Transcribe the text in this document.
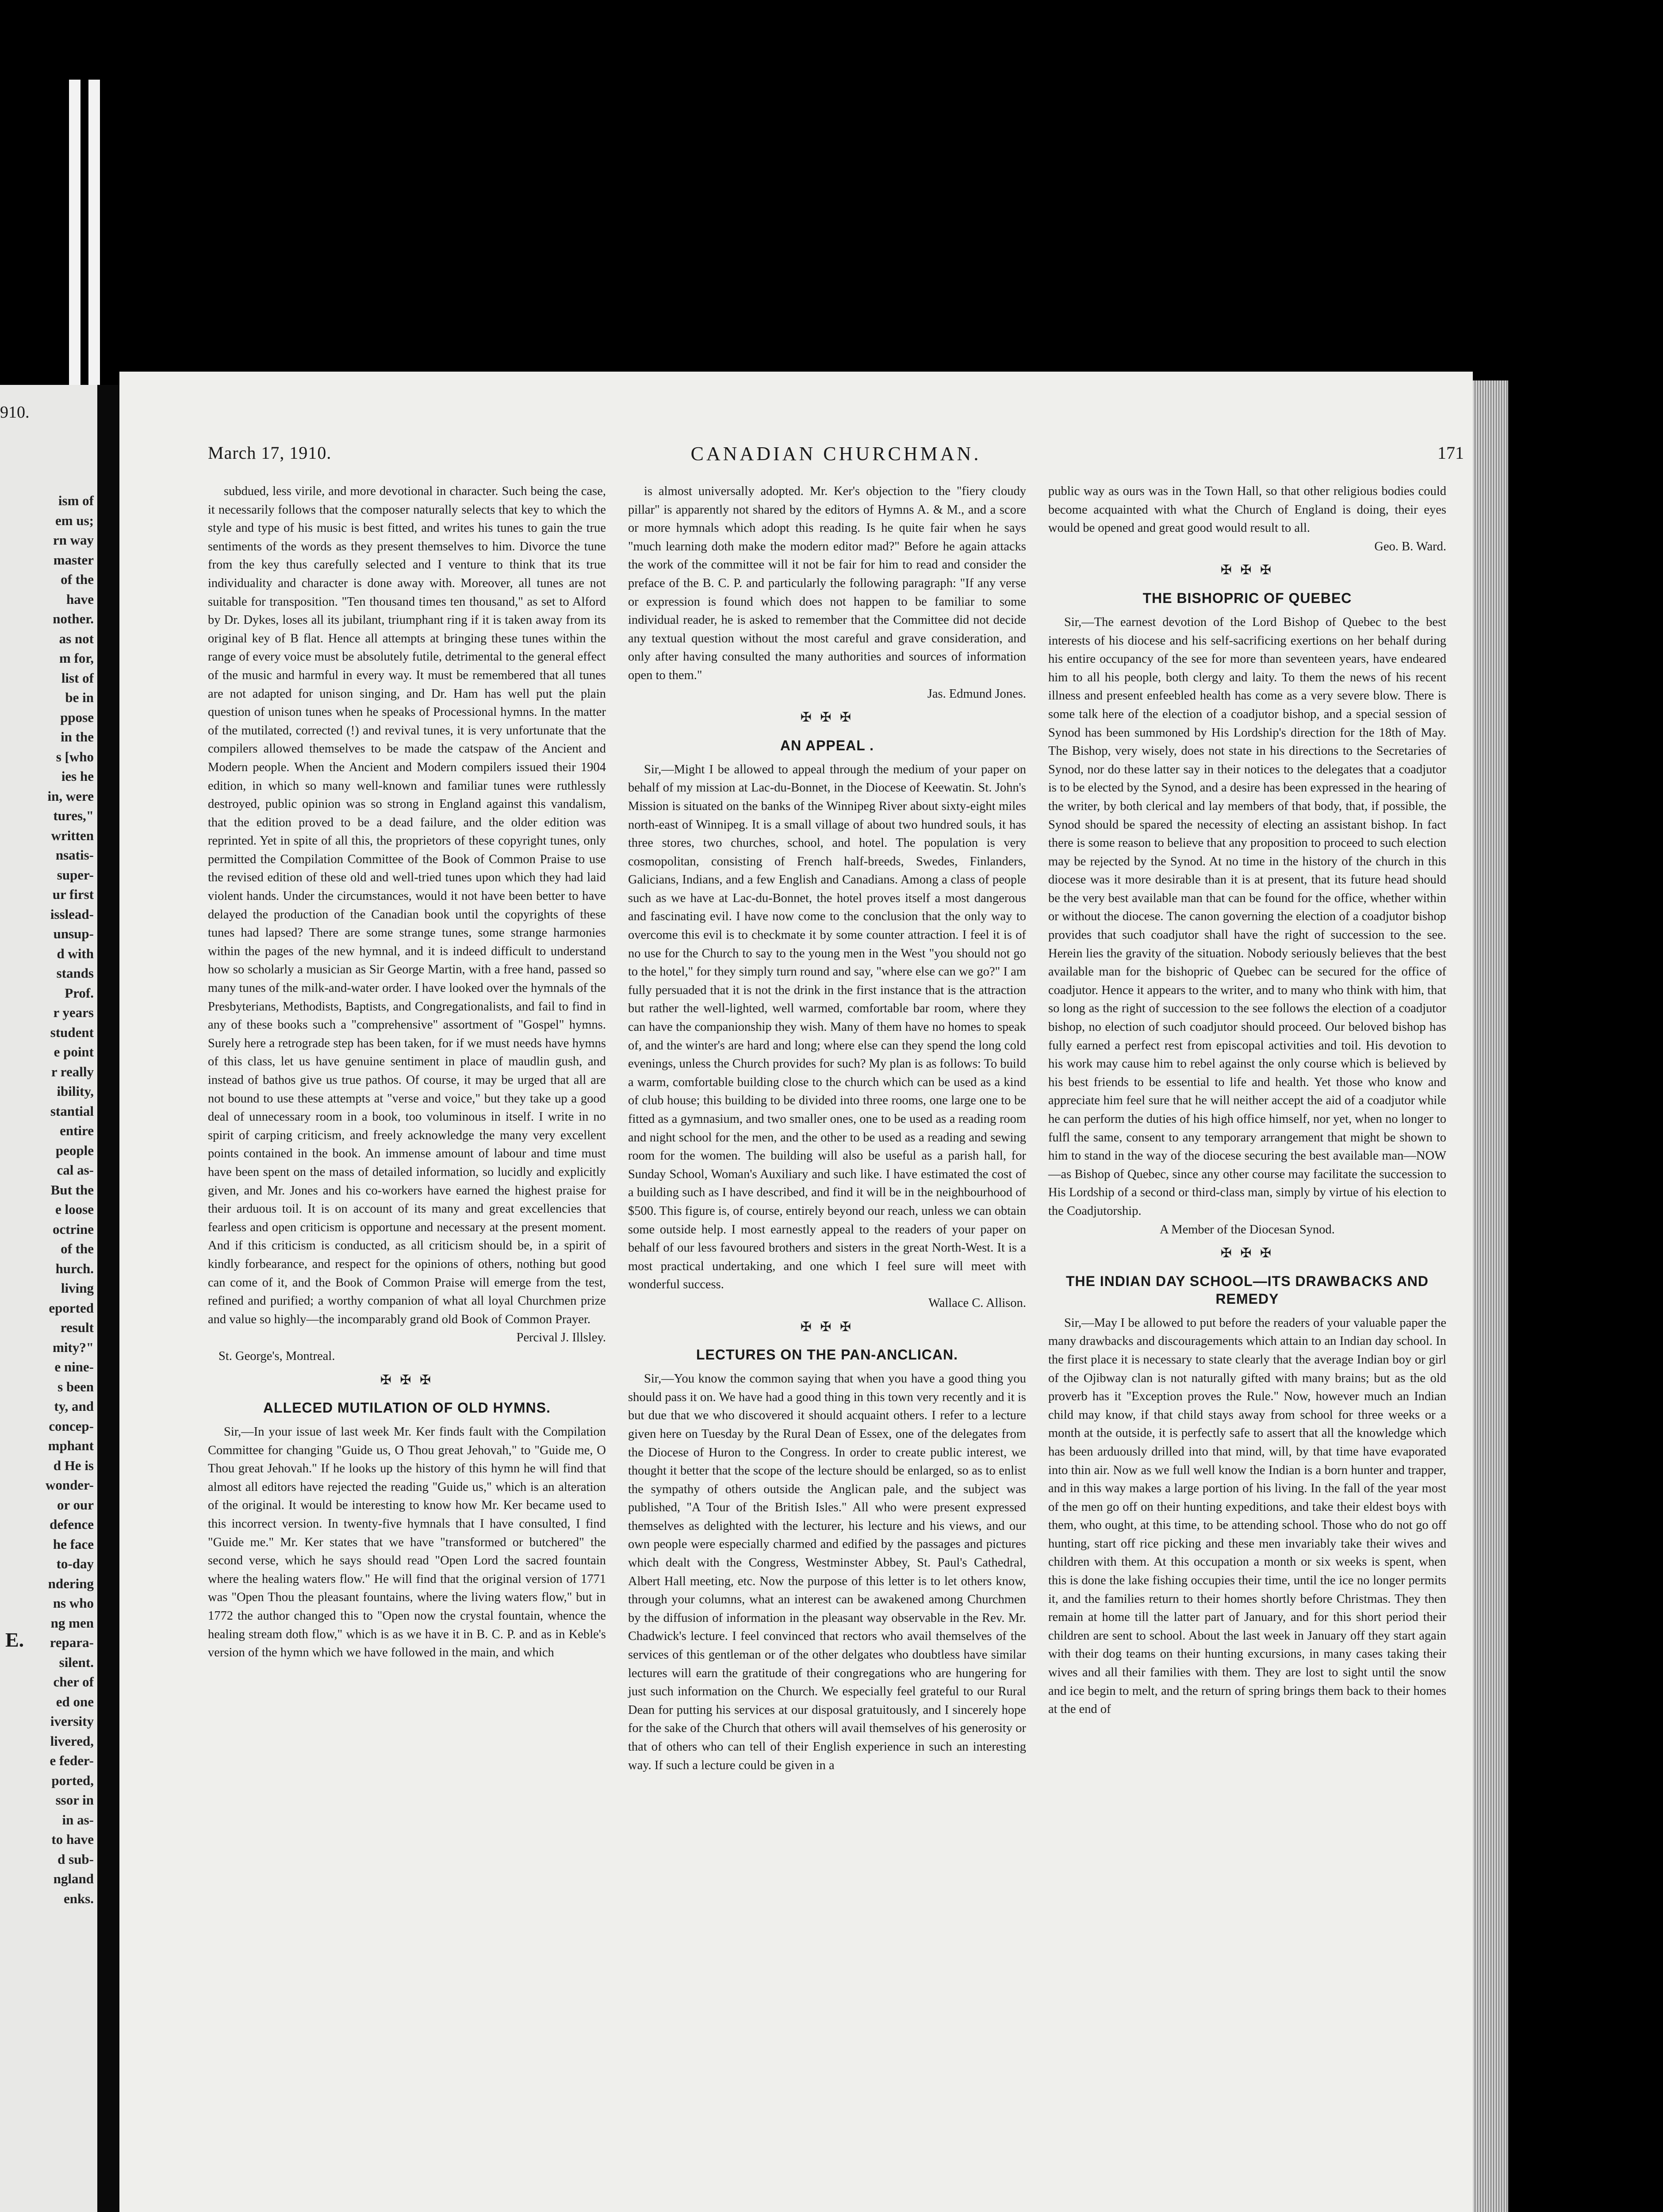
910.
ism of
em us;
rn way
master
of the
have
nother.
as not
m for,
list of
be in
ppose
in the
s [who
ies he
in, were
tures,"
written
nsatis-
super-
ur first
isslead-
unsup-
d with
stands
Prof.
r years
student
e point
r really
ibility,
stantial
entire
people
cal as-
But the
e loose
octrine
of the
hurch.
living
eported
result
mity?"
e nine-
s been
ty, and
concep-
mphant
d He is
wonder-
or our
defence
he face
to-day
ndering
ns who
ng men
repara-
silent.
cher of
ed one
iversity
livered,
e feder-
ported,
ssor in
in as-
to have
d sub-
ngland
enks.
E.
March 17, 1910.	CANADIAN CHURCHMAN.	171

subdued, less virile, and more devotional in character. Such being the case, it necessarily follows that the composer naturally selects that key to which the style and type of his music is best fitted, and writes his tunes to gain the true sentiments of the words as they present themselves to him. Divorce the tune from the key thus carefully selected and I venture to think that its true individuality and character is done away with. Moreover, all tunes are not suitable for transposition. "Ten thousand times ten thousand," as set to Alford by Dr. Dykes, loses all its jubilant, triumphant ring if it is taken away from its original key of B flat. Hence all attempts at bringing these tunes within the range of every voice must be absolutely futile, detrimental to the general effect of the music and harmful in every way. It must be remembered that all tunes are not adapted for unison singing, and Dr. Ham has well put the plain question of unison tunes when he speaks of Processional hymns. In the matter of the mutilated, corrected (!) and revival tunes, it is very unfortunate that the compilers allowed themselves to be made the catspaw of the Ancient and Modern people. When the Ancient and Modern compilers issued their 1904 edition, in which so many well-known and familiar tunes were ruthlessly destroyed, public opinion was so strong in England against this vandalism, that the edition proved to be a dead failure, and the older edition was reprinted. Yet in spite of all this, the proprietors of these copyright tunes, only permitted the Compilation Committee of the Book of Common Praise to use the revised edition of these old and well-tried tunes upon which they had laid violent hands. Under the circumstances, would it not have been better to have delayed the production of the Canadian book until the copyrights of these tunes had lapsed? There are some strange tunes, some strange harmonies within the pages of the new hymnal, and it is indeed difficult to understand how so scholarly a musician as Sir George Martin, with a free hand, passed so many tunes of the milk-and-water order. I have looked over the hymnals of the Presbyterians, Methodists, Baptists, and Congregationalists, and fail to find in any of these books such a "comprehensive" assortment of "Gospel" hymns. Surely here a retrograde step has been taken, for if we must needs have hymns of this class, let us have genuine sentiment in place of maudlin gush, and instead of bathos give us true pathos. Of course, it may be urged that all are not bound to use these attempts at "verse and voice," but they take up a good deal of unnecessary room in a book, too voluminous in itself. I write in no spirit of carping criticism, and freely acknowledge the many very excellent points contained in the book. An immense amount of labour and time must have been spent on the mass of detailed information, so lucidly and explicitly given, and Mr. Jones and his co-workers have earned the highest praise for their arduous toil. It is on account of its many and great excellencies that fearless and open criticism is opportune and necessary at the present moment. And if this criticism is conducted, as all criticism should be, in a spirit of kindly forbearance, and respect for the opinions of others, nothing but good can come of it, and the Book of Common Praise will emerge from the test, refined and purified; a worthy companion of what all loyal Churchmen prize and value so highly—the incomparably grand old Book of Common Prayer.

Percival J. Illsley.

St. George's, Montreal.

✠ ✠ ✠
ALLECED MUTILATION OF OLD HYMNS.

Sir,—In your issue of last week Mr. Ker finds fault with the Compilation Committee for changing "Guide us, O Thou great Jehovah," to "Guide me, O Thou great Jehovah." If he looks up the history of this hymn he will find that almost all editors have rejected the reading "Guide us," which is an alteration of the original. It would be interesting to know how Mr. Ker became used to this incorrect version. In twenty-five hymnals that I have consulted, I find "Guide me." Mr. Ker states that we have "transformed or butchered" the second verse, which he says should read "Open Lord the sacred fountain where the healing waters flow." He will find that the original version of 1771 was "Open Thou the pleasant fountains, where the living waters flow," but in 1772 the author changed this to "Open now the crystal fountain, whence the healing stream doth flow," which is as we have it in B. C. P. and as in Keble's version of the hymn which we have followed in the main, and which

is almost universally adopted. Mr. Ker's objection to the "fiery cloudy pillar" is apparently not shared by the editors of Hymns A. & M., and a score or more hymnals which adopt this reading. Is he quite fair when he says "much learning doth make the modern editor mad?" Before he again attacks the work of the committee will it not be fair for him to read and consider the preface of the B. C. P. and particularly the following paragraph: "If any verse or expression is found which does not happen to be familiar to some individual reader, he is asked to remember that the Committee did not decide any textual question without the most careful and grave consideration, and only after having consulted the many authorities and sources of information open to them."

Jas. Edmund Jones.

✠ ✠ ✠
AN APPEAL .

Sir,—Might I be allowed to appeal through the medium of your paper on behalf of my mission at Lac-du-Bonnet, in the Diocese of Keewatin. St. John's Mission is situated on the banks of the Winnipeg River about sixty-eight miles north-east of Winnipeg. It is a small village of about two hundred souls, it has three stores, two churches, school, and hotel. The population is very cosmopolitan, consisting of French half-breeds, Swedes, Finlanders, Galicians, Indians, and a few English and Canadians. Among a class of people such as we have at Lac-du-Bonnet, the hotel proves itself a most dangerous and fascinating evil. I have now come to the conclusion that the only way to overcome this evil is to checkmate it by some counter attraction. I feel it is of no use for the Church to say to the young men in the West "you should not go to the hotel," for they simply turn round and say, "where else can we go?" I am fully persuaded that it is not the drink in the first instance that is the attraction but rather the well-lighted, well warmed, comfortable bar room, where they can have the companionship they wish. Many of them have no homes to speak of, and the winter's are hard and long; where else can they spend the long cold evenings, unless the Church provides for such? My plan is as follows: To build a warm, comfortable building close to the church which can be used as a kind of club house; this building to be divided into three rooms, one large one to be fitted as a gymnasium, and two smaller ones, one to be used as a reading room and night school for the men, and the other to be used as a reading and sewing room for the women. The building will also be useful as a parish hall, for Sunday School, Woman's Auxiliary and such like. I have estimated the cost of a building such as I have described, and find it will be in the neighbourhood of $500. This figure is, of course, entirely beyond our reach, unless we can obtain some outside help. I most earnestly appeal to the readers of your paper on behalf of our less favoured brothers and sisters in the great North-West. It is a most practical undertaking, and one which I feel sure will meet with wonderful success.

Wallace C. Allison.

✠ ✠ ✠
LECTURES ON THE PAN-ANCLICAN.

Sir,—You know the common saying that when you have a good thing you should pass it on. We have had a good thing in this town very recently and it is but due that we who discovered it should acquaint others. I refer to a lecture given here on Tuesday by the Rural Dean of Essex, one of the delegates from the Diocese of Huron to the Congress. In order to create public interest, we thought it better that the scope of the lecture should be enlarged, so as to enlist the sympathy of others outside the Anglican pale, and the subject was published, "A Tour of the British Isles." All who were present expressed themselves as delighted with the lecturer, his lecture and his views, and our own people were especially charmed and edified by the passages and pictures which dealt with the Congress, Westminster Abbey, St. Paul's Cathedral, Albert Hall meeting, etc. Now the purpose of this letter is to let others know, through your columns, what an interest can be awakened among Churchmen by the diffusion of information in the pleasant way observable in the Rev. Mr. Chadwick's lecture. I feel convinced that rectors who avail themselves of the services of this gentleman or of the other delgates who doubtless have similar lectures will earn the gratitude of their congregations who are hungering for just such information on the Church. We especially feel grateful to our Rural Dean for putting his services at our disposal gratuitously, and I sincerely hope for the sake of the Church that others will avail themselves of his generosity or that of others who can tell of their English experience in such an interesting way. If such a lecture could be given in a

public way as ours was in the Town Hall, so that other religious bodies could become acquainted with what the Church of England is doing, their eyes would be opened and great good would result to all.

Geo. B. Ward.

✠ ✠ ✠
THE BISHOPRIC OF QUEBEC

Sir,—The earnest devotion of the Lord Bishop of Quebec to the best interests of his diocese and his self-sacrificing exertions on her behalf during his entire occupancy of the see for more than seventeen years, have endeared him to all his people, both clergy and laity. To them the news of his recent illness and present enfeebled health has come as a very severe blow. There is some talk here of the election of a coadjutor bishop, and a special session of Synod has been summoned by His Lordship's direction for the 18th of May. The Bishop, very wisely, does not state in his directions to the Secretaries of Synod, nor do these latter say in their notices to the delegates that a coadjutor is to be elected by the Synod, and a desire has been expressed in the hearing of the writer, by both clerical and lay members of that body, that, if possible, the Synod should be spared the necessity of electing an assistant bishop. In fact there is some reason to believe that any proposition to proceed to such election may be rejected by the Synod. At no time in the history of the church in this diocese was it more desirable than it is at present, that its future head should be the very best available man that can be found for the office, whether within or without the diocese. The canon governing the election of a coadjutor bishop provides that such coadjutor shall have the right of succession to the see. Herein lies the gravity of the situation. Nobody seriously believes that the best available man for the bishopric of Quebec can be secured for the office of coadjutor. Hence it appears to the writer, and to many who think with him, that so long as the right of succession to the see follows the election of a coadjutor bishop, no election of such coadjutor should proceed. Our beloved bishop has fully earned a perfect rest from episcopal activities and toil. His devotion to his work may cause him to rebel against the only course which is believed by his best friends to be essential to life and health. Yet those who know and appreciate him feel sure that he will neither accept the aid of a coadjutor while he can perform the duties of his high office himself, nor yet, when no longer to fulfl the same, consent to any temporary arrangement that might be shown to him to stand in the way of the diocese securing the best available man—NOW—as Bishop of Quebec, since any other course may facilitate the succession to His Lordship of a second or third-class man, simply by virtue of his election to the Coadjutorship.

A Member of the Diocesan Synod.

✠ ✠ ✠
THE INDIAN DAY SCHOOL—ITS DRAWBACKS AND REMEDY

Sir,—May I be allowed to put before the readers of your valuable paper the many drawbacks and discouragements which attain to an Indian day school. In the first place it is necessary to state clearly that the average Indian boy or girl of the Ojibway clan is not naturally gifted with many brains; but as the old proverb has it "Exception proves the Rule." Now, however much an Indian child may know, if that child stays away from school for three weeks or a month at the outside, it is perfectly safe to assert that all the knowledge which has been arduously drilled into that mind, will, by that time have evaporated into thin air. Now as we full well know the Indian is a born hunter and trapper, and in this way makes a large portion of his living. In the fall of the year most of the men go off on their hunting expeditions, and take their eldest boys with them, who ought, at this time, to be attending school. Those who do not go off hunting, start off rice picking and these men invariably take their wives and children with them. At this occupation a month or six weeks is spent, when this is done the lake fishing occupies their time, until the ice no longer permits it, and the families return to their homes shortly before Christmas. They then remain at home till the latter part of January, and for this short period their children are sent to school. About the last week in January off they start again with their dog teams on their hunting excursions, in many cases taking their wives and all their families with them. They are lost to sight until the snow and ice begin to melt, and the return of spring brings them back to their homes at the end of
